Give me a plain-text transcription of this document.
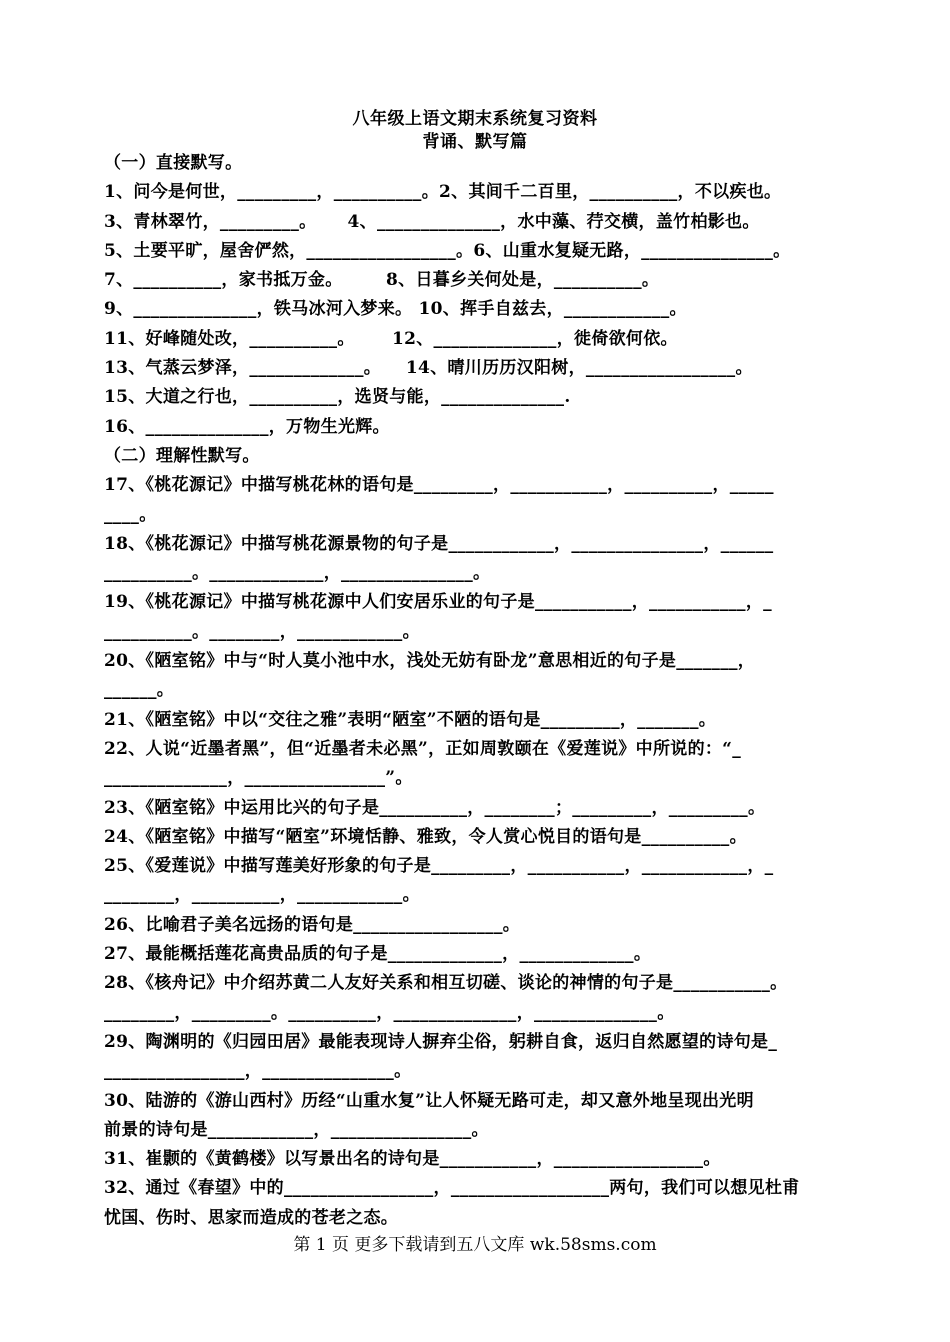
八年级上语文期末系统复习资料
背诵、默写篇
（一）直接默写。
1、问今是何世，_________，__________。2、其间千二百里，__________，不以疾也。
3、青林翠竹，_________。     4、______________，水中藻、荇交横，盖竹柏影也。
5、土要平旷，屋舍俨然，_________________。6、山重水复疑无路，_______________。
7、__________，家书抵万金。       8、日暮乡关何处是，__________。
9、______________，铁马冰河入梦来。 10、挥手自兹去，____________。
11、好峰随处改，__________。      12、______________，徙倚欲何依。
13、气蒸云梦泽，_____________。    14、晴川历历汉阳树，_________________。
15、大道之行也，__________，选贤与能，______________.
16、______________，万物生光辉。
（二）理解性默写。
17、《桃花源记》中描写桃花林的语句是_________，___________，__________，_____
____。
18、《桃花源记》中描写桃花源景物的句子是____________，_______________，______
__________。_____________，_______________。
19、《桃花源记》中描写桃花源中人们安居乐业的句子是___________，___________，_
__________。________，____________。
20、《陋室铭》中与“时人莫小池中水，浅处无妨有卧龙”意思相近的句子是_______，
______。
21、《陋室铭》中以“交往之雅”表明“陋室”不陋的语句是_________，_______。
22、人说“近墨者黑”，但“近墨者未必黑”，正如周敦颐在《爱莲说》中所说的：“_
______________，________________”。
23、《陋室铭》中运用比兴的句子是__________，________；_________，_________。
24、《陋室铭》中描写“陋室”环境恬静、雅致，令人赏心悦目的语句是__________。
25、《爱莲说》中描写莲美好形象的句子是_________，___________，____________，_
________，__________，____________。
26、比喻君子美名远扬的语句是_________________。
27、最能概括莲花高贵品质的句子是_____________，_____________。
28、《核舟记》中介绍苏黄二人友好关系和相互切磋、谈论的神情的句子是___________。
________，_________。__________，______________，______________。
29、陶渊明的《归园田居》最能表现诗人摒弃尘俗，躬耕自食，返归自然愿望的诗句是_
________________，_______________。
30、陆游的《游山西村》历经“山重水复”让人怀疑无路可走，却又意外地呈现出光明
前景的诗句是____________，________________。
31、崔颢的《黄鹤楼》以写景出名的诗句是___________，_________________。
32、通过《春望》中的_________________，__________________两句，我们可以想见杜甫
忧国、伤时、思家而造成的苍老之态。
第 1 页 更多下载请到五八文库 wk.58sms.com
